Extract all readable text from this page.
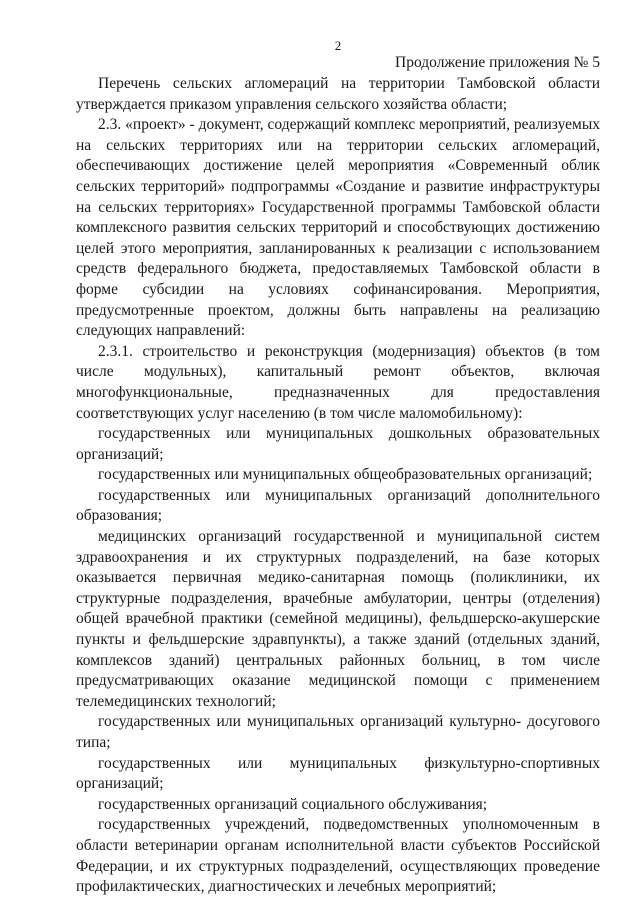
2
Продолжение приложения № 5

Перечень сельских агломераций на территории Тамбовской области утверждается приказом управления сельского хозяйства области;

2.3. «проект» - документ, содержащий комплекс мероприятий, реализуемых на сельских территориях или на территории сельских агломераций, обеспечивающих достижение целей мероприятия «Современный облик сельских территорий» подпрограммы «Создание и развитие инфраструктуры на сельских территориях» Государственной программы Тамбовской области комплексного развития сельских территорий и способствующих достижению целей этого мероприятия, запланированных к реализации с использованием средств федерального бюджета, предоставляемых Тамбовской области в форме субсидии на условиях софинансирования. Мероприятия, предусмотренные проектом, должны быть направлены на реализацию следующих направлений:

2.3.1. строительство и реконструкция (модернизация) объектов (в том числе модульных), капитальный ремонт объектов, включая многофункциональные, предназначенных для предоставления соответствующих услуг населению (в том числе маломобильному):

государственных или муниципальных дошкольных образовательных организаций;

государственных или муниципальных общеобразовательных организаций;

государственных или муниципальных организаций дополнительного образования;

медицинских организаций государственной и муниципальной систем здравоохранения и их структурных подразделений, на базе которых оказывается первичная медико-санитарная помощь (поликлиники, их структурные подразделения, врачебные амбулатории, центры (отделения) общей врачебной практики (семейной медицины), фельдшерско-акушерские пункты и фельдшерские здравпункты), а также зданий (отдельных зданий, комплексов зданий) центральных районных больниц, в том числе предусматривающих оказание медицинской помощи с применением телемедицинских технологий;

государственных или муниципальных организаций культурно- досугового типа;

государственных или муниципальных физкультурно-спортивных организаций;

государственных организаций социального обслуживания;

государственных учреждений, подведомственных уполномоченным в области ветеринарии органам исполнительной власти субъектов Российской Федерации, и их структурных подразделений, осуществляющих проведение профилактических, диагностических и лечебных мероприятий;
